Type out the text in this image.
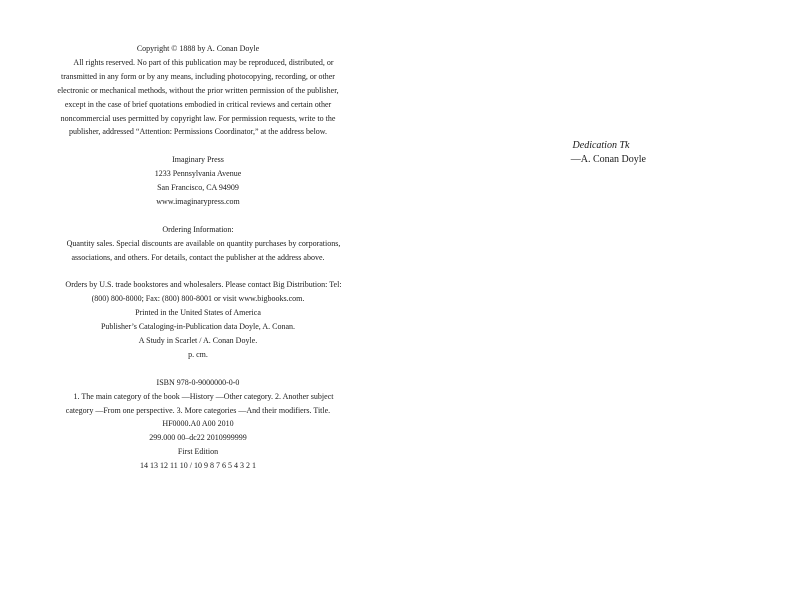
Copyright © 1888 by A. Conan Doyle

All rights reserved. No part of this publication may be reproduced, distributed, or transmitted in any form or by any means, including photocopying, recording, or other electronic or mechanical methods, without the prior written permission of the publisher, except in the case of brief quotations embodied in critical reviews and certain other noncommercial uses permitted by copyright law. For permission requests, write to the publisher, addressed “Attention: Permissions Coordinator,” at the address below.

Imaginary Press

1233 Pennsylvania Avenue

San Francisco, CA 94909

www.imaginarypress.com

Ordering Information:

Quantity sales. Special discounts are available on quantity purchases by corporations, associations, and others. For details, contact the publisher at the address above.

Orders by U.S. trade bookstores and wholesalers. Please contact Big Distribution: Tel: (800) 800-8000; Fax: (800) 800-8001 or visit www.bigbooks.com.

Printed in the United States of America

Publisher’s Cataloging-in-Publication data Doyle, A. Conan.

A Study in Scarlet / A. Conan Doyle.

p. cm.

ISBN 978-0-9000000-0-0

1. The main category of the book —History —Other category. 2. Another subject category —From one perspective. 3. More categories —And their modifiers. Title.

HF0000.A0 A00 2010

299.000 00–dc22 2010999999

First Edition

14 13 12 11 10 / 10 9 8 7 6 5 4 3 2 1

Dedication Tk
—A. Conan Doyle
